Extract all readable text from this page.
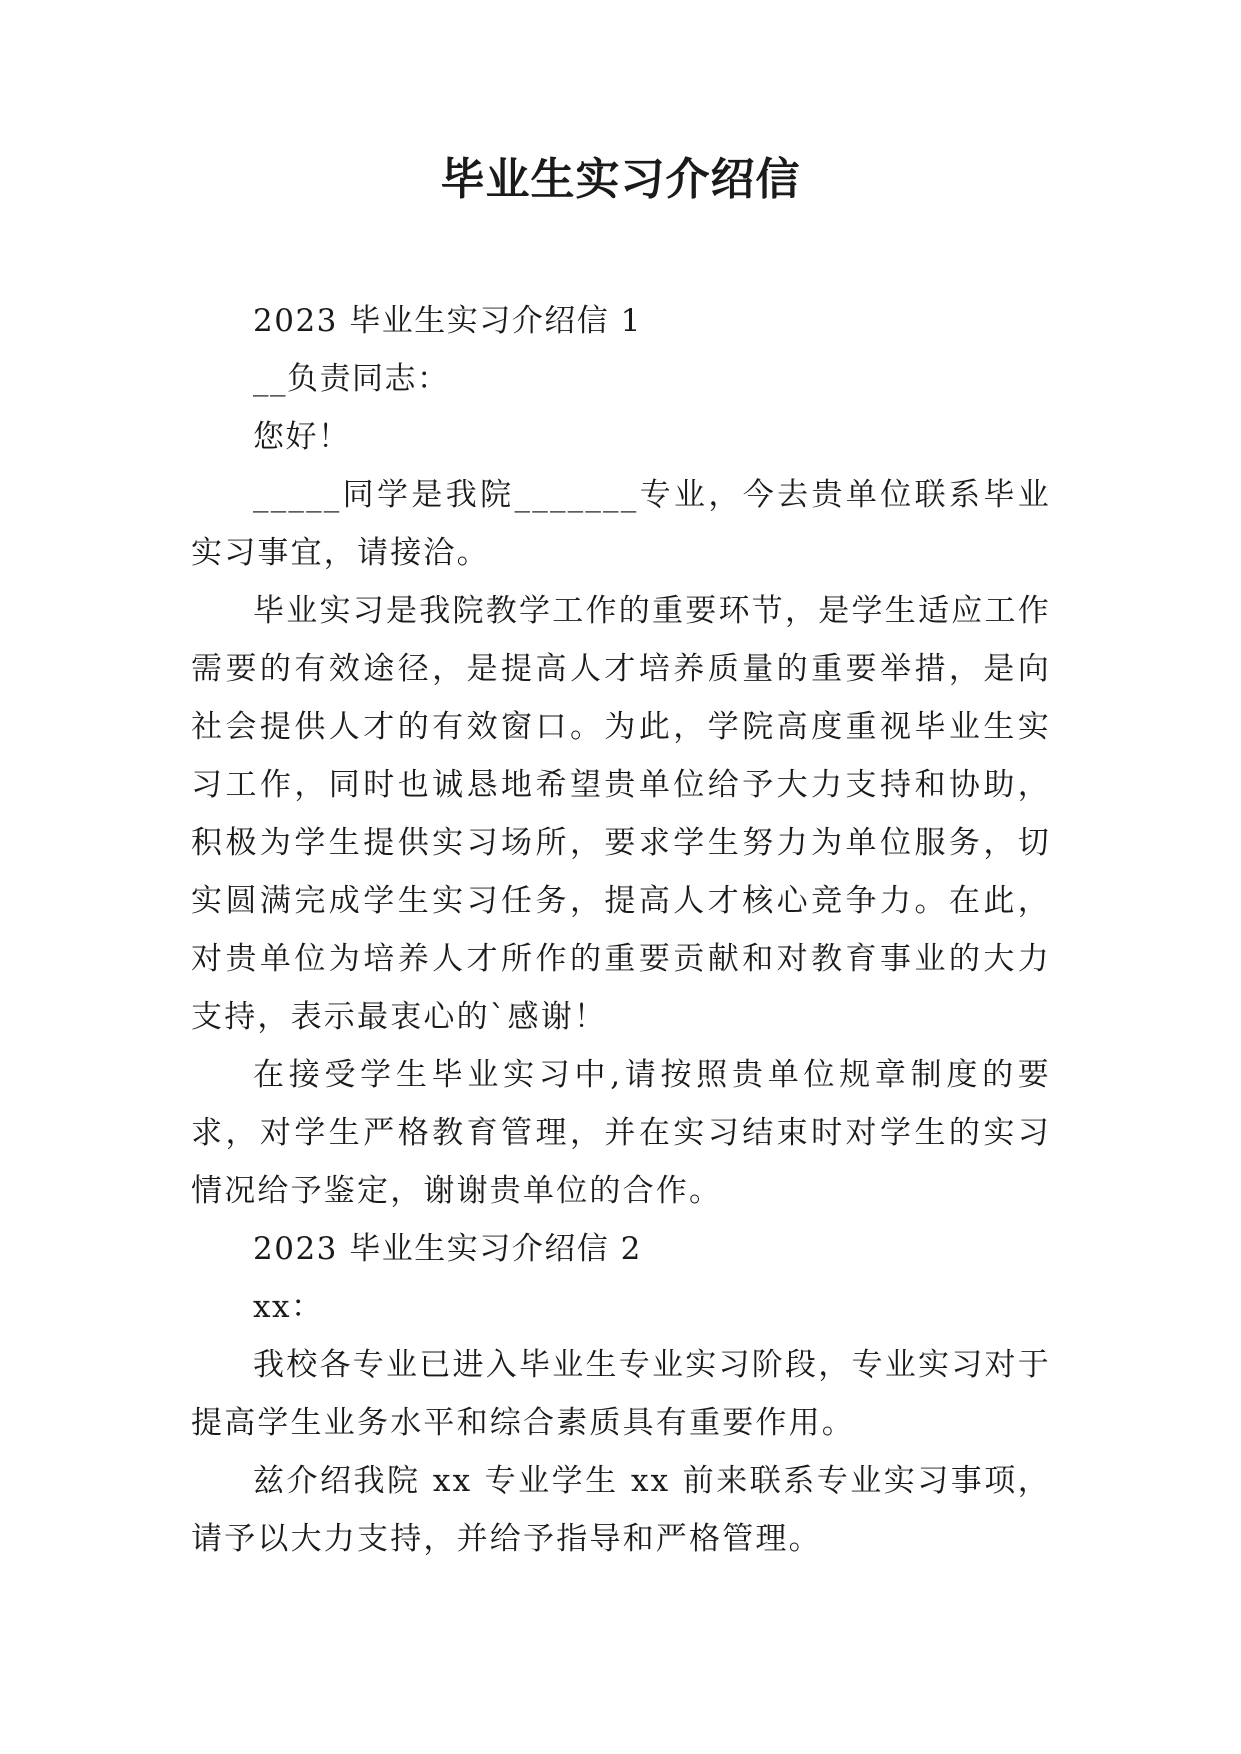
毕业生实习介绍信

2023 毕业生实习介绍信 1

__负责同志：

您好！

_____同学是我院_______专业，今去贵单位联系毕业实习事宜，请接洽。

毕业实习是我院教学工作的重要环节，是学生适应工作需要的有效途径，是提高人才培养质量的重要举措，是向社会提供人才的有效窗口。为此，学院高度重视毕业生实习工作，同时也诚恳地希望贵单位给予大力支持和协助，积极为学生提供实习场所，要求学生努力为单位服务，切实圆满完成学生实习任务，提高人才核心竞争力。在此，对贵单位为培养人才所作的重要贡献和对教育事业的大力支持，表示最衷心的`感谢！

在接受学生毕业实习中,请按照贵单位规章制度的要求，对学生严格教育管理，并在实习结束时对学生的实习情况给予鉴定，谢谢贵单位的合作。

2023 毕业生实习介绍信 2

xx：

我校各专业已进入毕业生专业实习阶段，专业实习对于提高学生业务水平和综合素质具有重要作用。

兹介绍我院 xx 专业学生 xx 前来联系专业实习事项，请予以大力支持，并给予指导和严格管理。
